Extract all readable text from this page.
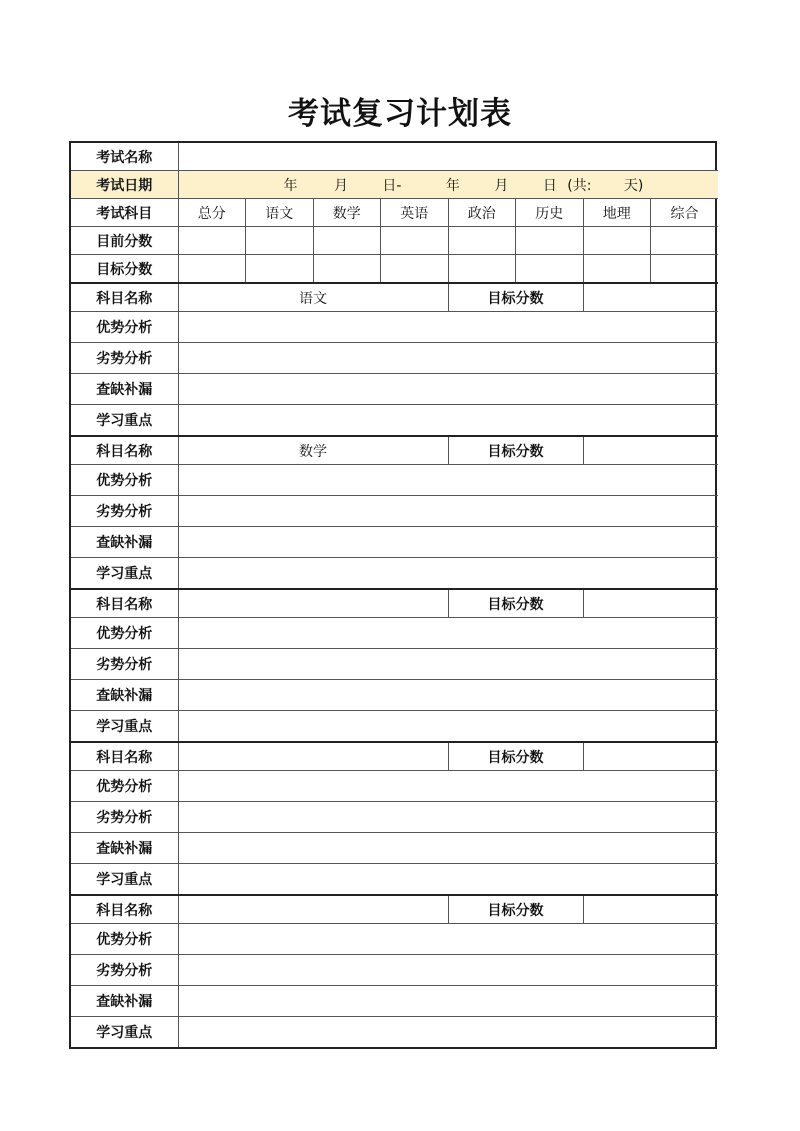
考试复习计划表
考试名称								
考试日期	年 月 日- 年 月 日 (共: 天)							
考试科目	总分	语文	数学	英语	政治	历史	地理	综合
目前分数								
目标分数								
科目名称	语文				目标分数			
优势分析								
劣势分析								
查缺补漏								
学习重点								
科目名称	数学				目标分数			
优势分析								
劣势分析								
查缺补漏								
学习重点								
科目名称					目标分数			
优势分析								
劣势分析								
查缺补漏								
学习重点								
科目名称					目标分数			
优势分析								
劣势分析								
查缺补漏								
学习重点								
科目名称					目标分数			
优势分析								
劣势分析								
查缺补漏								
学习重点								
